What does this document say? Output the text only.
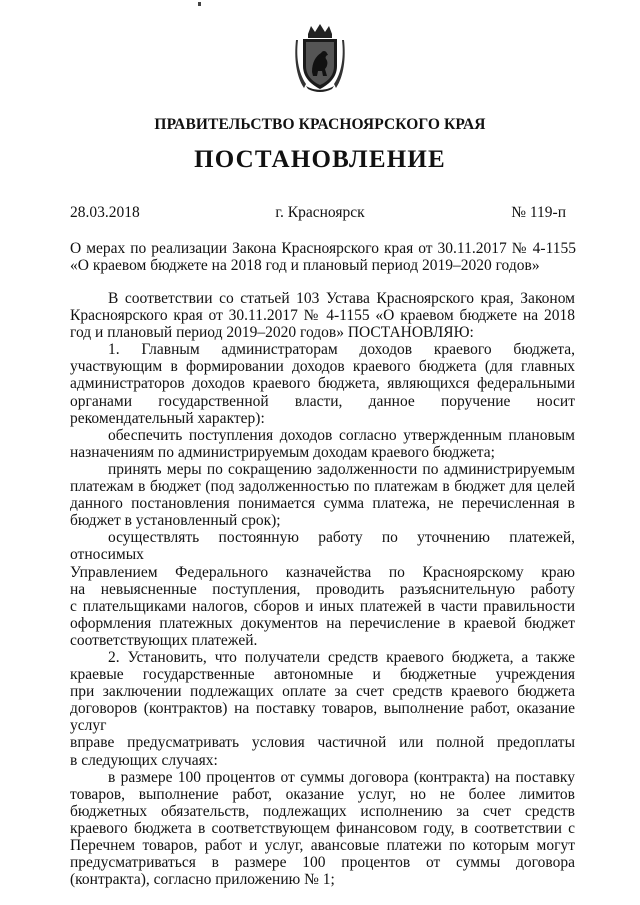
ПРАВИТЕЛЬСТВО КРАСНОЯРСКОГО КРАЯ
ПОСТАНОВЛЕНИЕ
28.03.2018	г. Красноярск	№ 119-п
О мерах по реализации Закона Красноярского края от 30.11.2017 № 4-1155
«О краевом бюджете на 2018 год и плановый период 2019–2020 годов»

В соответствии со статьей 103 Устава Красноярского края, Законом Красноярского края от 30.11.2017 № 4-1155 «О краевом бюджете на 2018 год и плановый период 2019–2020 годов» ПОСТАНОВЛЯЮ:

1. Главным администраторам доходов краевого бюджета, участвующим в формировании доходов краевого бюджета (для главных администраторов доходов краевого бюджета, являющихся федеральными органами государственной власти, данное поручение носит рекомендательный характер):

обеспечить поступления доходов согласно утвержденным плановым назначениям по администрируемым доходам краевого бюджета;

принять меры по сокращению задолженности по администрируемым платежам в бюджет (под задолженностью по платежам в бюджет для целей данного постановления понимается сумма платежа, не перечисленная в бюджет в установленный срок);

осуществлять постоянную работу по уточнению платежей, относимых
Управлением Федерального казначейства по Красноярскому краю
на невыясненные поступления, проводить разъяснительную работу
с плательщиками налогов, сборов и иных платежей в части правильности
оформления платежных документов на перечисление в краевой бюджет
соответствующих платежей.
2. Установить, что получатели средств краевого бюджета, а также
краевые государственные автономные и бюджетные учреждения
при заключении подлежащих оплате за счет средств краевого бюджета
договоров (контрактов) на поставку товаров, выполнение работ, оказание услуг
вправе предусматривать условия частичной или полной предоплаты
в следующих случаях:

в размере 100 процентов от суммы договора (контракта) на поставку товаров, выполнение работ, оказание услуг, но не более лимитов бюджетных обязательств, подлежащих исполнению за счет средств краевого бюджета в соответствующем финансовом году, в соответствии с Перечнем товаров, работ и услуг, авансовые платежи по которым могут предусматриваться в размере 100 процентов от суммы договора (контракта), согласно приложению № 1;
